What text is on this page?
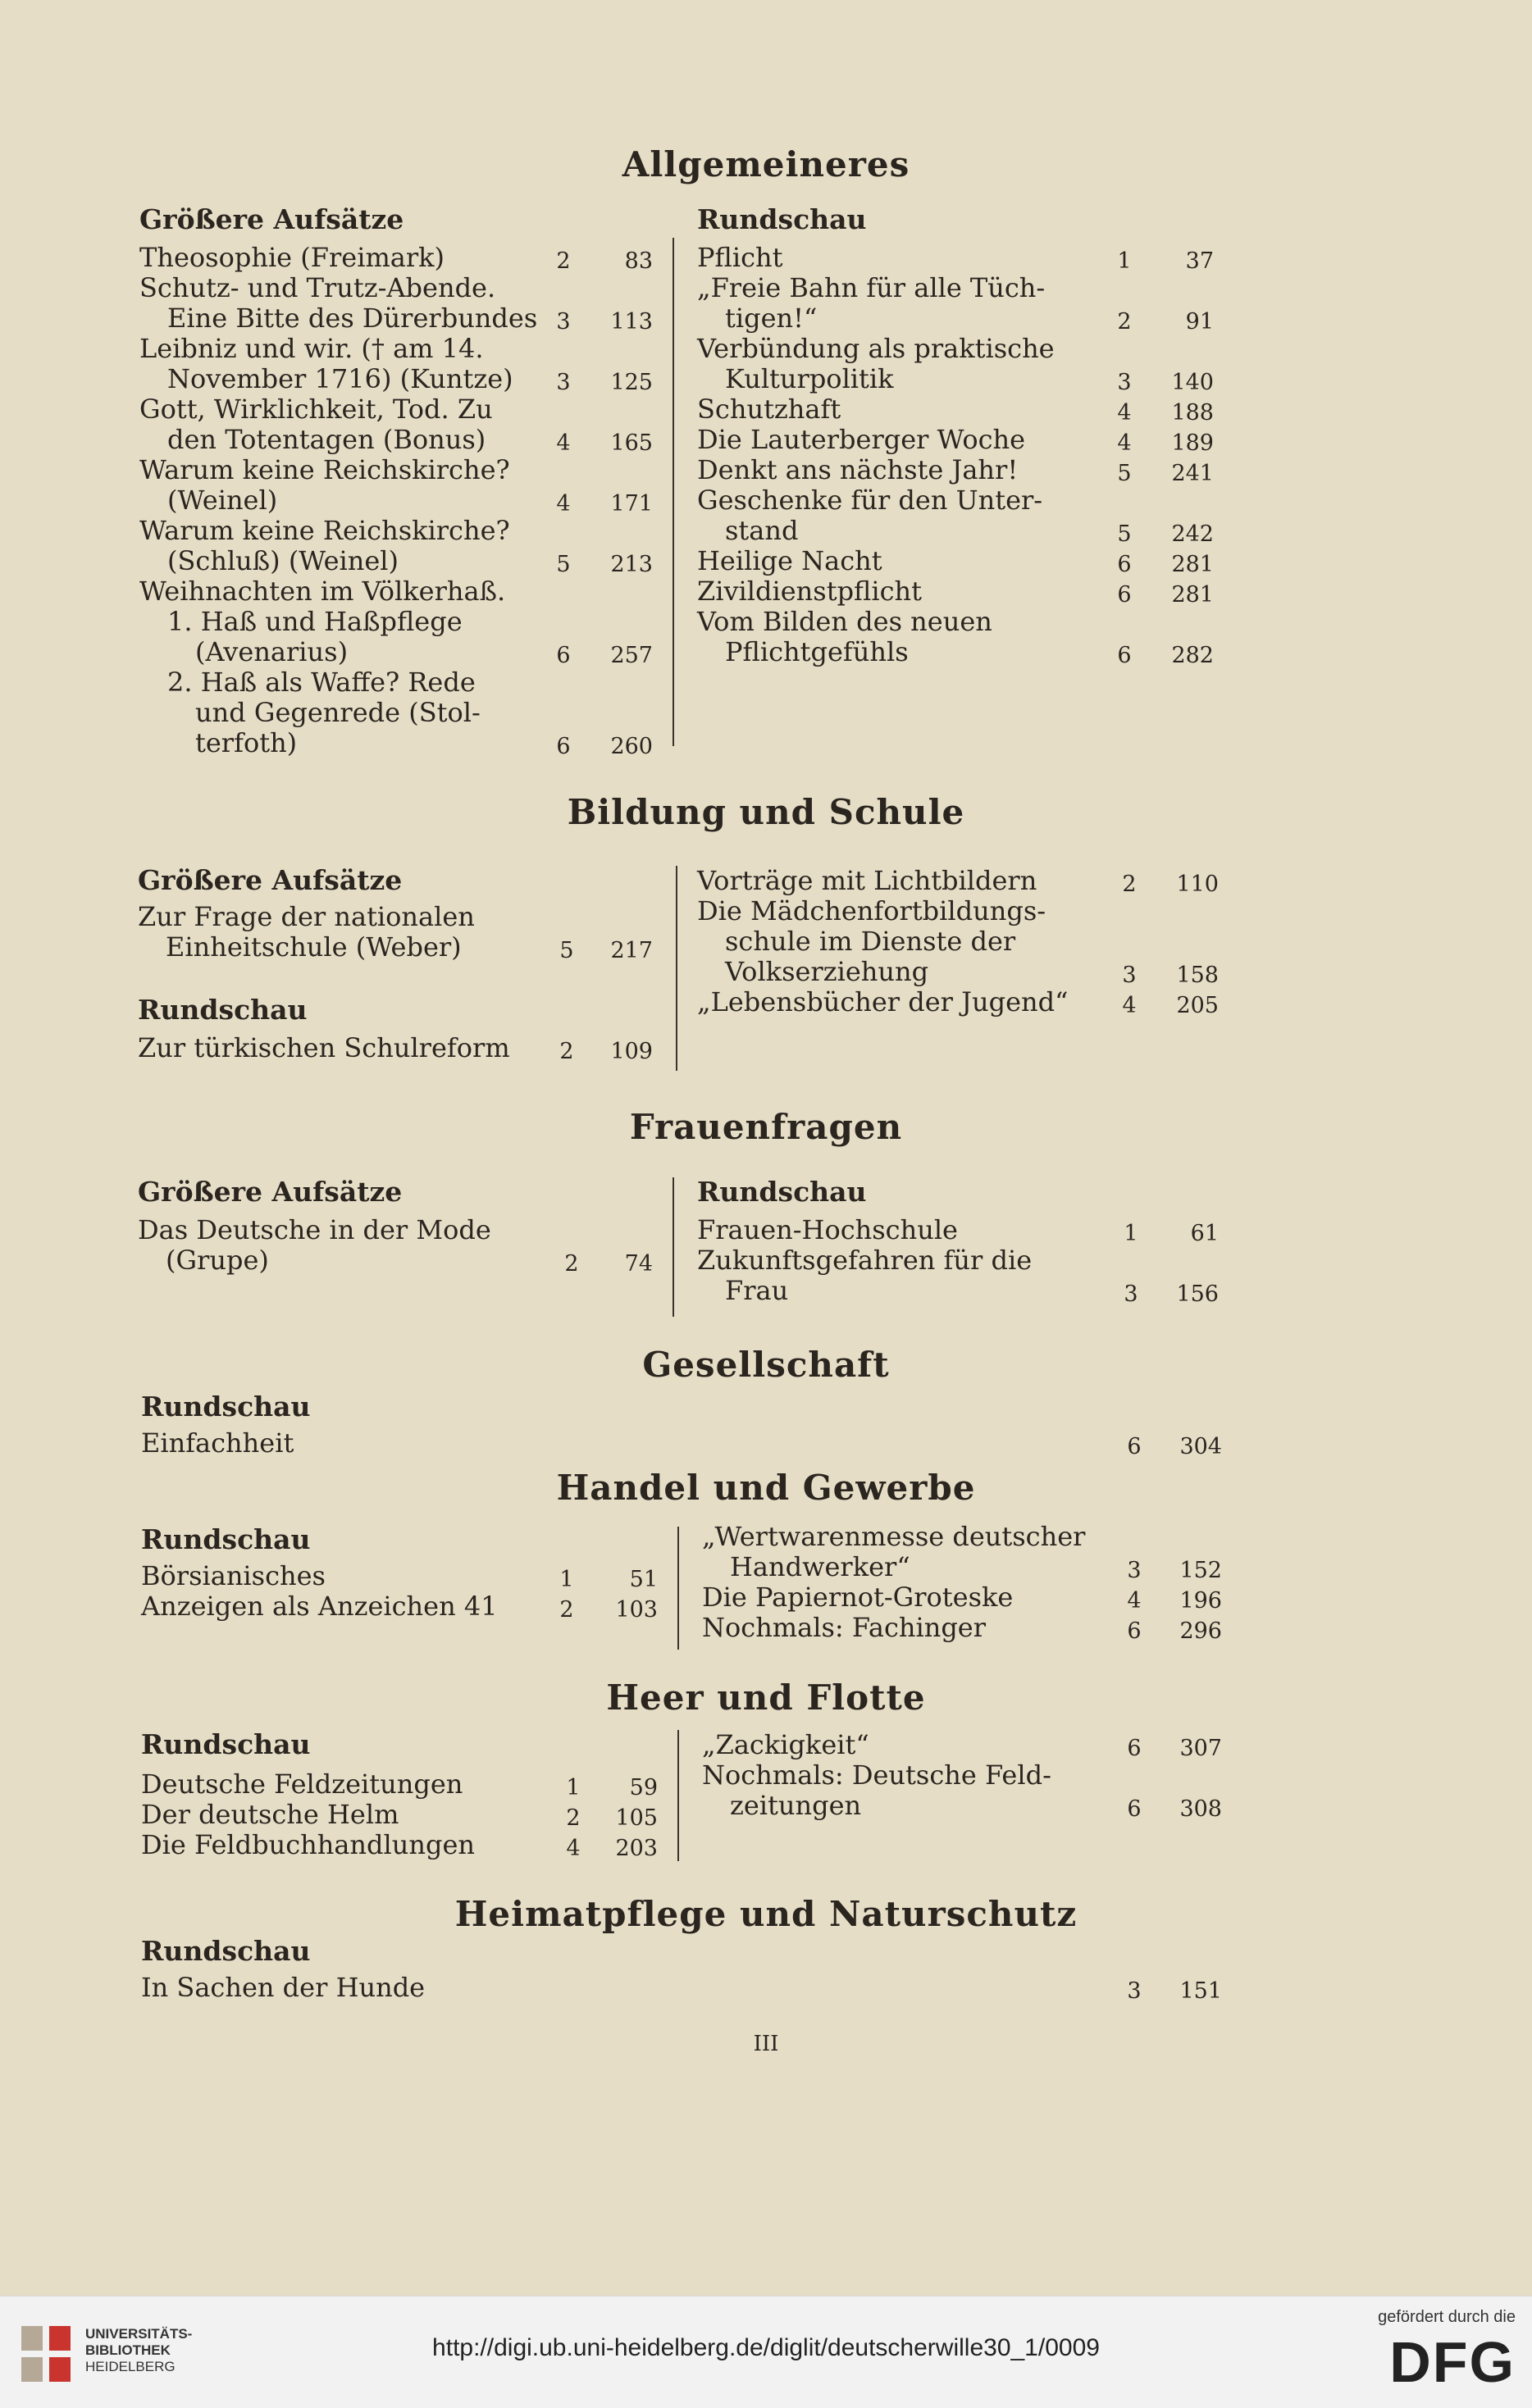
Allgemeineres
Größere Aufsätze	Rundschau
Theosophie (Freimark)	2	83
Schutz- und Trutz-Abende.
Eine Bitte des Dürerbundes 3	113
Leibniz und wir. († am 14.
November 1716) (Kuntze) 3	125
Gott, Wirklichkeit, Tod. Zu
den Totentagen (Bonus)	4	165
Warum keine Reichskirche?
(Weinel)	4	171
Warum keine Reichskirche?
(Schluß) (Weinel)	5	213
Weihnachten im Völkerhaß.
1. Haß und Haßpflege
(Avenarius)	6	257
2. Haß als Waffe? Rede
und Gegenrede (Stol-
terfoth)	6	260
Pflicht	1	37
„Freie Bahn für alle Tüch-
tigen!“	2	91
Verbündung als praktische
Kulturpolitik	3	140
Schutzhaft	4	188
Die Lauterberger Woche	4	189
Denkt ans nächste Jahr!	5	241
Geschenke für den Unter-
stand	5	242
Heilige Nacht	6	281
Zivildienstpflicht	6	281
Vom Bilden des neuen
Pflichtgefühls	6	282
Bildung und Schule
Größere Aufsätze
Rundschau
Zur Frage der nationalen
Einheitschule (Weber)	5	217
Zur türkischen Schulreform 2	109
Vorträge mit Lichtbildern	2	110
Die Mädchenfortbildungs-
schule im Dienste der
Volkserziehung	3	158
„Lebensbücher der Jugend“ 4	205
Frauenfragen
Größere Aufsätze	Rundschau
Das Deutsche in der Mode
(Grupe)	2	74
Frauen-Hochschule	1	61
Zukunftsgefahren für die
Frau	3	156
Gesellschaft
Rundschau
Einfachheit	6	304
Handel und Gewerbe
Rundschau
Börsianisches	1	51
Anzeigen als Anzeichen 41	2	103
„Wertwarenmesse deutscher
Handwerker“	3	152
Die Papiernot-Groteske	4	196
Nochmals: Fachinger	6	296
Heer und Flotte
Rundschau
Deutsche Feldzeitungen	1	59
Der deutsche Helm	2	105
Die Feldbuchhandlungen	4	203
„Zackigkeit“	6	307
Nochmals: Deutsche Feld-
zeitungen	6	308
Heimatpflege und Naturschutz
Rundschau
In Sachen der Hunde	3	151
III
UNIVERSITÄTS-
BIBLIOTHEK
HEIDELBERG
http://digi.ub.uni-heidelberg.de/diglit/deutscherwille30_1/0009
gefördert durch die
DFG
